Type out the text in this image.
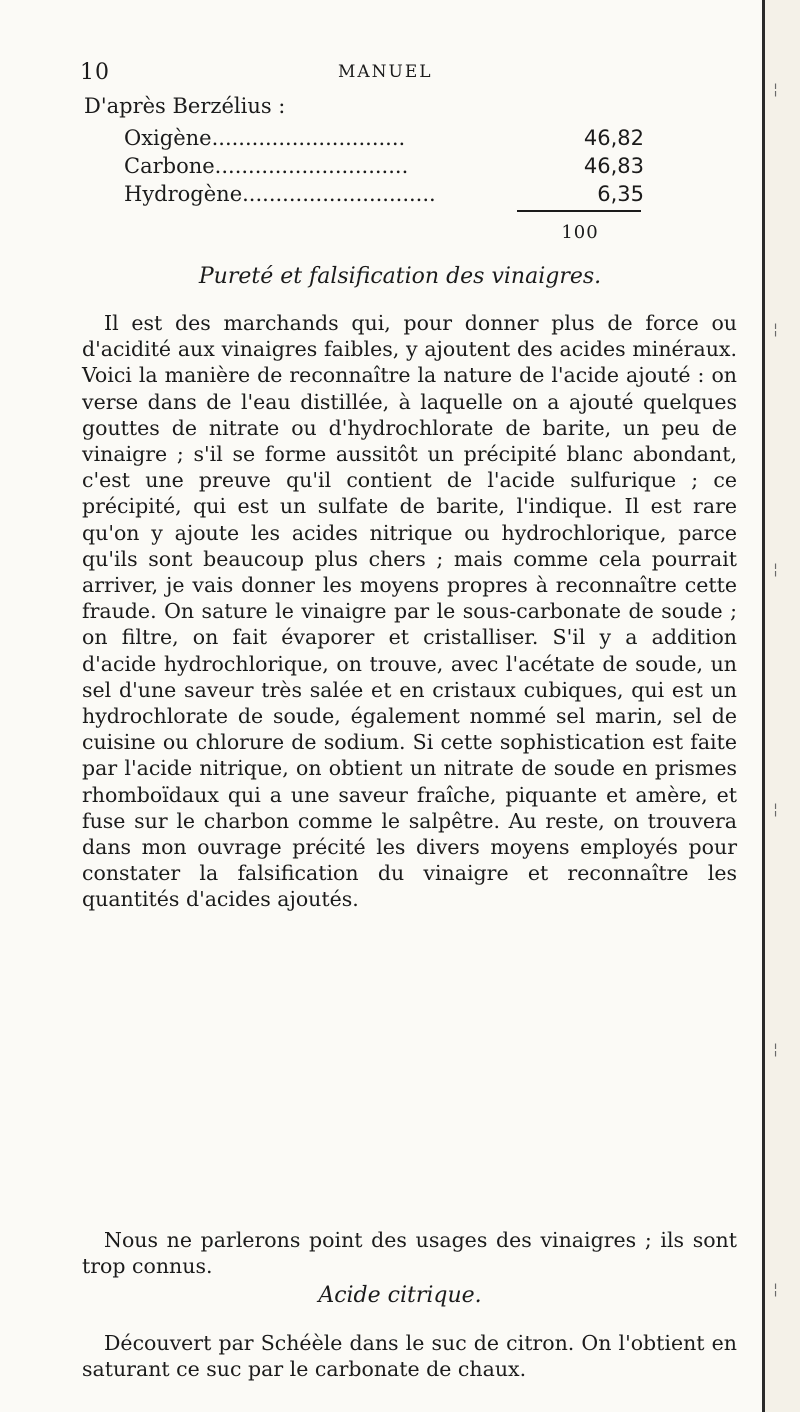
10	MANUEL
D'après Berzélius :
Oxigène.............................	46,82
Carbone.............................	46,83
Hydrogène.............................	6,35
100
Pureté et falsification des vinaigres.

Il est des marchands qui, pour donner plus de force ou d'acidité aux vinaigres faibles, y ajoutent des acides minéraux. Voici la manière de reconnaître la nature de l'acide ajouté : on verse dans de l'eau distillée, à laquelle on a ajouté quelques gouttes de nitrate ou d'hydrochlorate de barite, un peu de vinaigre ; s'il se forme aussitôt un précipité blanc abondant, c'est une preuve qu'il contient de l'acide sulfurique ; ce précipité, qui est un sulfate de barite, l'indique. Il est rare qu'on y ajoute les acides nitrique ou hydrochlorique, parce qu'ils sont beaucoup plus chers ; mais comme cela pourrait arriver, je vais donner les moyens propres à reconnaître cette fraude. On sature le vinaigre par le sous-carbonate de soude ; on filtre, on fait évaporer et cristalliser. S'il y a addition d'acide hydrochlorique, on trouve, avec l'acétate de soude, un sel d'une saveur très salée et en cristaux cubiques, qui est un hydrochlorate de soude, également nommé sel marin, sel de cuisine ou chlorure de sodium. Si cette sophistication est faite par l'acide nitrique, on obtient un nitrate de soude en prismes rhomboïdaux qui a une saveur fraîche, piquante et amère, et fuse sur le charbon comme le salpêtre. Au reste, on trouvera dans mon ouvrage précité les divers moyens employés pour constater la falsification du vinaigre et reconnaître les quantités d'acides ajoutés.

Nous ne parlerons point des usages des vinaigres ; ils sont trop connus.

Acide citrique.

Découvert par Schéèle dans le suc de citron. On l'obtient en saturant ce suc par le carbonate de chaux.

¦
¦
¦
¦
¦
¦
